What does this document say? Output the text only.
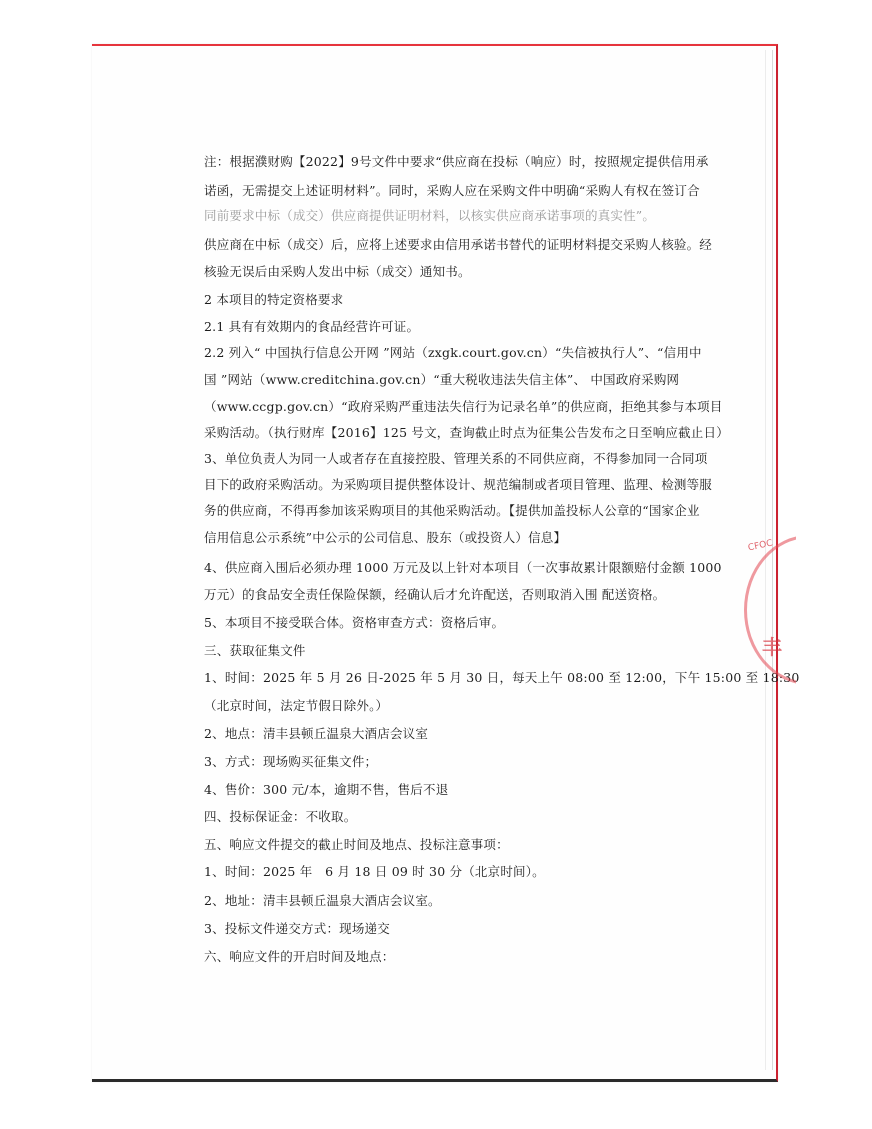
注：根据濮财购【2022】9号文件中要求“供应商在投标（响应）时，按照规定提供信用承
诺函，无需提交上述证明材料”。同时，采购人应在采购文件中明确“采购人有权在签订合
同前要求中标（成交）供应商提供证明材料，以核实供应商承诺事项的真实性”。
供应商在中标（成交）后，应将上述要求由信用承诺书替代的证明材料提交采购人核验。经
核验无误后由采购人发出中标（成交）通知书。
2 本项目的特定资格要求
2.1 具有有效期内的食品经营许可证。
2.2 列入“ 中国执行信息公开网 ”网站（zxgk.court.gov.cn）“失信被执行人”、“信用中
国 ”网站（www.creditchina.gov.cn）“重大税收违法失信主体”、 中国政府采购网
（www.ccgp.gov.cn）“政府采购严重违法失信行为记录名单”的供应商，拒绝其参与本项目
采购活动。（执行财库【2016】125 号文，查询截止时点为征集公告发布之日至响应截止日）
3、单位负责人为同一人或者存在直接控股、管理关系的不同供应商，不得参加同一合同项
目下的政府采购活动。为采购项目提供整体设计、规范编制或者项目管理、监理、检测等服
务的供应商，不得再参加该采购项目的其他采购活动。【提供加盖投标人公章的“国家企业
信用信息公示系统”中公示的公司信息、股东（或投资人）信息】
4、供应商入围后必须办理 1000 万元及以上针对本项目（一次事故累计限额赔付金额 1000
万元）的食品安全责任保险保额，经确认后才允许配送，否则取消入围 配送资格。
5、本项目不接受联合体。资格审查方式：资格后审。
三、获取征集文件
1、时间：2025 年 5 月 26 日-2025 年 5 月 30 日，每天上午 08:00 至 12:00，下午 15:00 至 18:30
（北京时间，法定节假日除外。）
2、地点：清丰县顿丘温泉大酒店会议室
3、方式：现场购买征集文件；
4、售价：300 元/本，逾期不售，售后不退
四、投标保证金：不收取。
五、响应文件提交的截止时间及地点、投标注意事项：
1、时间：2025 年　6 月 18 日 09 时 30 分（北京时间）。
2、地址：清丰县顿丘温泉大酒店会议室。
3、投标文件递交方式：现场递交
六、响应文件的开启时间及地点：
CFOC
丰
